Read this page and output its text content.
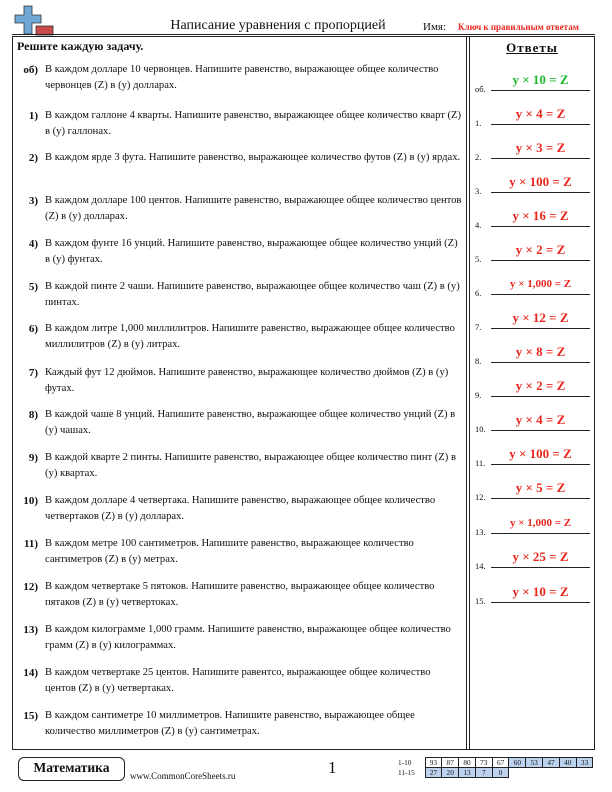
Написание уравнения с пропорцией	Имя: Ключ к правильным ответам
Решите каждую задачу.
об) В каждом долларе 10 червонцев. Напишите равенство, выражающее общее количество червонцев (Z) в (у) долларах.
1) В каждом галлоне 4 кварты. Напишите равенство, выражающее общее количество кварт (Z) в (у) галлонах.
2) В каждом ярде 3 фута. Напишите равенство, выражающее количество футов (Z) в (у) ярдах.
3) В каждом долларе 100 центов. Напишите равенство, выражающее общее количество центов (Z) в (у) долларах.
4) В каждом фунте 16 унций. Напишите равенство, выражающее общее количество унций (Z) в (у) фунтах.
5) В каждой пинте 2 чаши. Напишите равенство, выражающее общее количество чаш (Z) в (у) пинтах.
6) В каждом литре 1,000 миллилитров. Напишите равенство, выражающее общее количество миллилитров (Z) в (у) литрах.
7) Каждый фут 12 дюймов. Напишите равенство, выражающее количество дюймов (Z) в (у) футах.
8) В каждой чаше 8 унций. Напишите равенство, выражающее общее количество унций (Z) в (у) чашах.
9) В каждой кварте 2 пинты. Напишите равенство, выражающее общее количество пинт (Z) в (у) квартах.
10) В каждом долларе 4 четвертака. Напишите равенство, выражающее общее количество четвертаков (Z) в (у) долларах.
11) В каждом метре 100 сантиметров. Напишите равенство, выражающее количество сантиметров (Z) в (у) метрах.
12) В каждом четвертаке 5 пятоков. Напишите равенство, выражающее общее количество пятаков (Z) в (у) четвертоках.
13) В каждом килограмме 1,000 грамм. Напишите равенство, выражающее общее количество грамм (Z) в (у) килограммах.
14) В каждом четвертаке 25 центов. Напишите равентсо, выражающее общее количество центов (Z) в (у) четвертаках.
15) В каждом сантиметре 10 миллиметров. Напишите равенство, выражающее общее количество миллиметров (Z) в (у) сантиметрах.
Ответы
об.
y × 10 = Z
1.
y × 4 = Z
2.
y × 3 = Z
3.
y × 100 = Z
4.
y × 16 = Z
5.
y × 2 = Z
6.
y × 1,000 = Z
7.
y × 12 = Z
8.
y × 8 = Z
9.
y × 2 = Z
10.
y × 4 = Z
11.
y × 100 = Z
12.
y × 5 = Z
13.
y × 1,000 = Z
14.
y × 25 = Z
15.
y × 10 = Z
Математика
www.CommonCoreSheets.ru	1	1-10	93	87	80	73	67	60	53	47	40	33
11-15	27	20	13	7	0					
